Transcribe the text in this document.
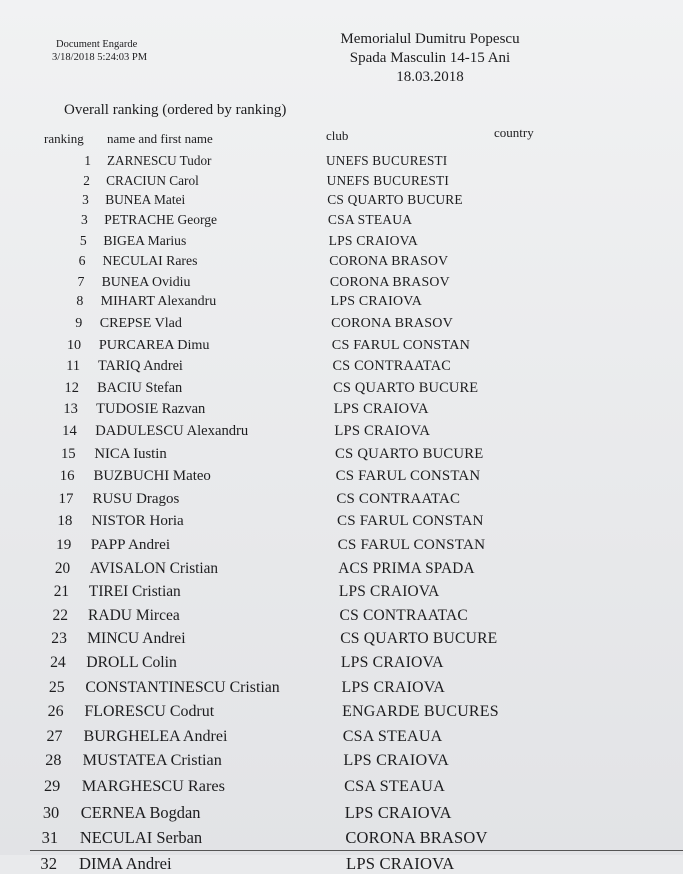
Document Engarde
3/18/2018 5:24:03 PM
Memorialul Dumitru Popescu
Spada Masculin 14-15 Ani
18.03.2018
Overall ranking (ordered by ranking)
ranking name and first name	club	country
1 ZARNESCU Tudor	UNEFS BUCURESTI
2 CRACIUN Carol	UNEFS BUCURESTI
3 BUNEA Matei	CS QUARTO BUCURE
3 PETRACHE George	CSA STEAUA
5 BIGEA Marius	LPS CRAIOVA
6 NECULAI Rares	CORONA BRASOV
7 BUNEA Ovidiu	CORONA BRASOV
8 MIHART Alexandru	LPS CRAIOVA
9 CREPSE Vlad	CORONA BRASOV
10 PURCAREA Dimu	CS FARUL CONSTAN
11 TARIQ Andrei	CS CONTRAATAC
12 BACIU Stefan	CS QUARTO BUCURE
13 TUDOSIE Razvan	LPS CRAIOVA
14 DADULESCU Alexandru	LPS CRAIOVA
15 NICA Iustin	CS QUARTO BUCURE
16 BUZBUCHI Mateo	CS FARUL CONSTAN
17 RUSU Dragos	CS CONTRAATAC
18 NISTOR Horia	CS FARUL CONSTAN
19 PAPP Andrei	CS FARUL CONSTAN
20 AVISALON Cristian	ACS PRIMA SPADA
21 TIREI Cristian	LPS CRAIOVA
22 RADU Mircea	CS CONTRAATAC
23 MINCU Andrei	CS QUARTO BUCURE
24 DROLL Colin	LPS CRAIOVA
25 CONSTANTINESCU Cristian	LPS CRAIOVA
26 FLORESCU Codrut	ENGARDE BUCURES
27 BURGHELEA Andrei	CSA STEAUA
28 MUSTATEA Cristian	LPS CRAIOVA
29 MARGHESCU Rares	CSA STEAUA
30 CERNEA Bogdan	LPS CRAIOVA
31 NECULAI Serban	CORONA BRASOV
32 DIMA Andrei	LPS CRAIOVA
